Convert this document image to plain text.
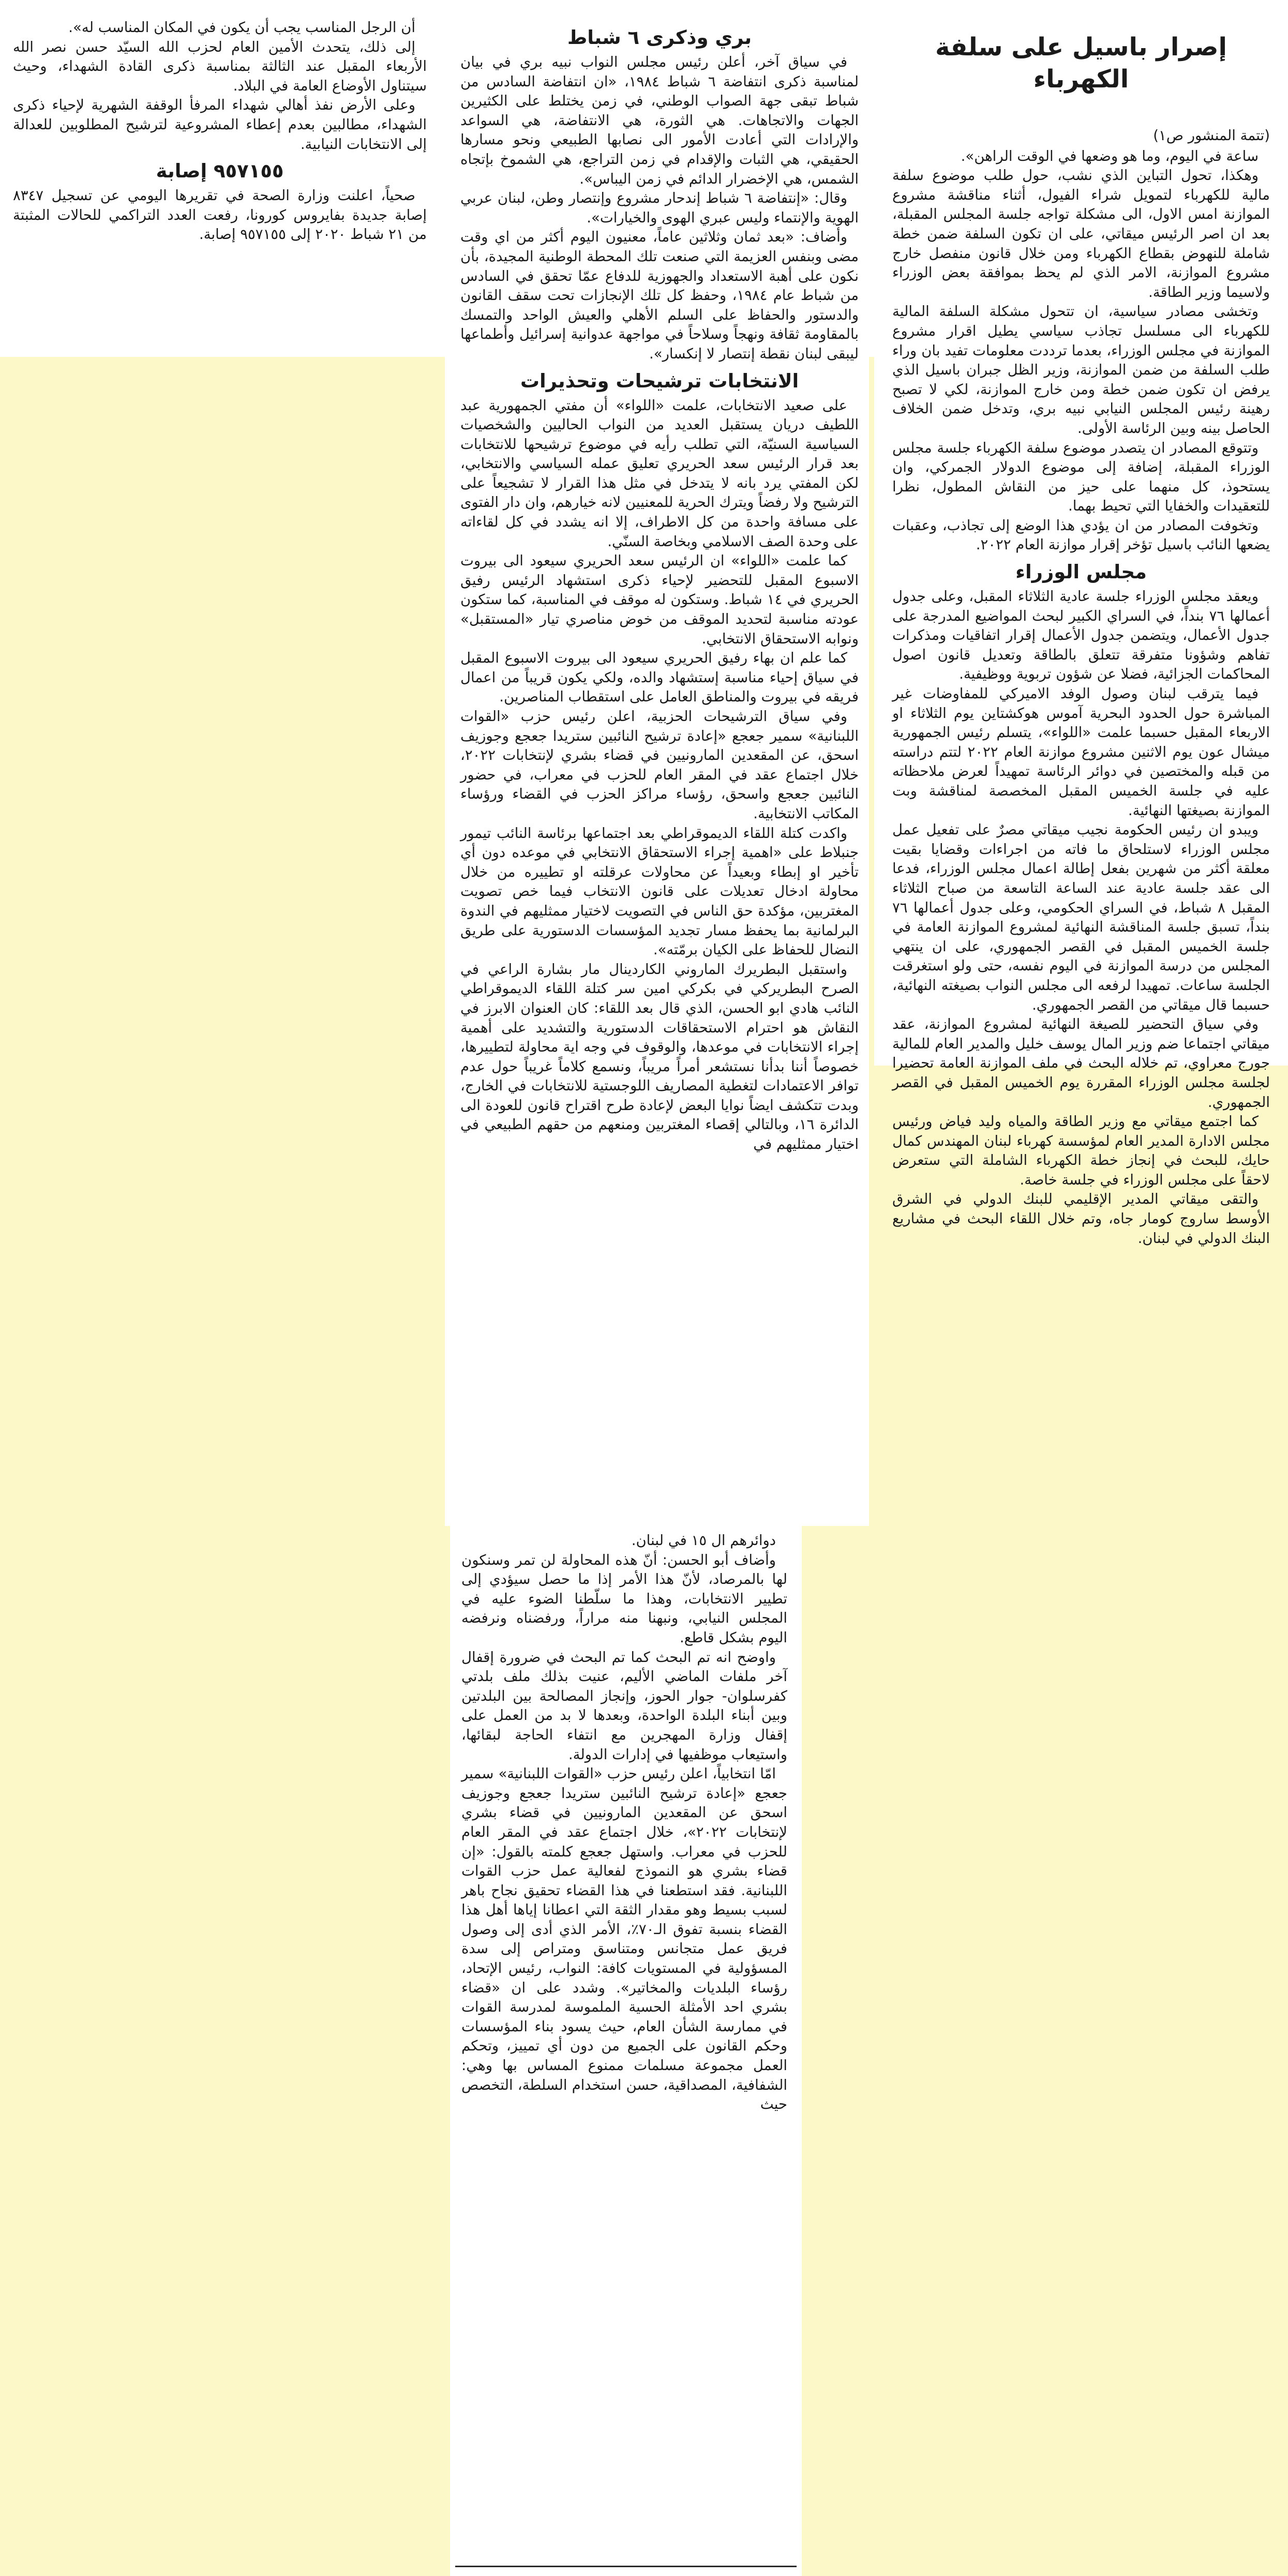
إصرار باسيل على سلفة الكهرباء

(تتمة المنشور ص١)

ساعة في اليوم، وما هو وضعها في الوقت الراهن».

وهكذا، تحول التباين الذي نشب، حول طلب موضوع سلفة مالية للكهرباء لتمويل شراء الفيول، أثناء مناقشة مشروع الموازنة امس الاول، الى مشكلة تواجه جلسة المجلس المقبلة، بعد ان اصر الرئيس ميقاتي، على ان تكون السلفة ضمن خطة شاملة للنهوض بقطاع الكهرباء ومن خلال قانون منفصل خارج مشروع الموازنة، الامر الذي لم يحظ بموافقة بعض الوزراء ولاسيما وزير الطاقة.

وتخشى مصادر سياسية، ان تتحول مشكلة السلفة المالية للكهرباء الى مسلسل تجاذب سياسي يطيل اقرار مشروع الموازنة في مجلس الوزراء، بعدما ترددت معلومات تفيد بان وراء طلب السلفة من ضمن الموازنة، وزير الظل جبران باسيل الذي يرفض ان تكون ضمن خطة ومن خارج الموازنة، لكي لا تصبح رهينة رئيس المجلس النيابي نبيه بري، وتدخل ضمن الخلاف الحاصل بينه وبين الرئاسة الأولى.

وتتوقع المصادر ان يتصدر موضوع سلفة الكهرباء جلسة مجلس الوزراء المقبلة، إضافة إلى موضوع الدولار الجمركي، وان يستحوذ، كل منهما على حيز من النقاش المطول، نظرا للتعقيدات والخفايا التي تحيط بهما.

وتخوفت المصادر من ان يؤدي هذا الوضع إلى تجاذب، وعقبات يضعها النائب باسيل تؤخر إقرار موازنة العام ٢٠٢٢.

مجلس الوزراء

ويعقد مجلس الوزراء جلسة عادية الثلاثاء المقبل، وعلى جدول أعمالها ٧٦ بنداً، في السراي الكبير لبحث المواضيع المدرجة على جدول الأعمال، ويتضمن جدول الأعمال إقرار اتفاقيات ومذكرات تفاهم وشؤونا متفرقة تتعلق بالطاقة وتعديل قانون اصول المحاكمات الجزائية، فضلا عن شؤون تربوية ووظيفية.

فيما يترقب لبنان وصول الوفد الاميركي للمفاوضات غير المباشرة حول الحدود البحرية آموس هوكشتاين يوم الثلاثاء او الاربعاء المقبل حسبما علمت «اللواء»، يتسلم رئيس الجمهورية ميشال عون يوم الاثنين مشروع موازنة العام ٢٠٢٢ لتتم دراسته من قبله والمختصين في دوائر الرئاسة تمهيداً لعرض ملاحظاته عليه في جلسة الخميس المقبل المخصصة لمناقشة وبت الموازنة بصيغتها النهائية.

ويبدو ان رئيس الحكومة نجيب ميقاتي مصرٌ على تفعيل عمل مجلس الوزراء لاستلحاق ما فاته من اجراءات وقضايا بقيت معلقة أكثر من شهرين بفعل إطالة اعمال مجلس الوزراء، فدعا الى عقد جلسة عادية عند الساعة التاسعة من صباح الثلاثاء المقبل ٨ شباط، في السراي الحكومي، وعلى جدول أعمالها ٧٦ بنداً، تسبق جلسة المناقشة النهائية لمشروع الموازنة العامة في جلسة الخميس المقبل في القصر الجمهوري، على ان ينتهي المجلس من درسة الموازنة في اليوم نفسه، حتى ولو استغرقت الجلسة ساعات. تمهيدا لرفعه الى مجلس النواب بصيغته النهائية، حسبما قال ميقاتي من القصر الجمهوري.

وفي سياق التحضير للصيغة النهائية لمشروع الموازنة، عقد ميقاتي اجتماعا ضم وزير المال يوسف خليل والمدير العام للمالية جورج معراوي، تم خلاله البحث في ملف الموازنة العامة تحضيرا لجلسة مجلس الوزراء المقررة يوم الخميس المقبل في القصر الجمهوري.

كما اجتمع ميقاتي مع وزير الطاقة والمياه وليد فياض ورئيس مجلس الادارة المدير العام لمؤسسة كهرباء لبنان المهندس كمال حايك، للبحث في إنجاز خطة الكهرباء الشاملة التي ستعرض لاحقاً على مجلس الوزراء في جلسة خاصة.

والتقى ميقاتي المدير الإقليمي للبنك الدولي في الشرق الأوسط ساروج كومار جاه، وتم خلال اللقاء البحث في مشاريع البنك الدولي في لبنان.

بري وذكرى ٦ شباط

في سياق آخر، أعلن رئيس مجلس النواب نبيه بري في بيان لمناسبة ذكرى انتفاضة ٦ شباط ١٩٨٤، «ان انتفاضة السادس من شباط تبقى جهة الصواب الوطني، في زمن يختلط على الكثيرين الجهات والاتجاهات. هي الثورة، هي الانتفاضة، هي السواعد والإرادات التي أعادت الأمور الى نصابها الطبيعي ونحو مسارها الحقيقي، هي الثبات والإقدام في زمن التراجع، هي الشموخ بإتجاه الشمس، هي الإخضرار الدائم في زمن اليباس».

وقال: «إنتفاضة ٦ شباط إندحار مشروع وإنتصار وطن، لبنان عربي الهوية والإنتماء وليس عبري الهوى والخيارات».

وأضاف: «بعد ثمان وثلاثين عاماً، معنيون اليوم أكثر من اي وقت مضى وبنفس العزيمة التي صنعت تلك المحطة الوطنية المجيدة، بأن نكون على أهبة الاستعداد والجهوزية للدفاع عمّا تحقق في السادس من شباط عام ١٩٨٤، وحفظ كل تلك الإنجازات تحت سقف القانون والدستور والحفاظ على السلم الأهلي والعيش الواحد والتمسك بالمقاومة ثقافة ونهجاً وسلاحاً في مواجهة عدوانية إسرائيل وأطماعها ليبقى لبنان نقطة إنتصار لا إنكسار».

الانتخابات ترشيحات وتحذيرات

على صعيد الانتخابات، علمت «اللواء» أن مفتي الجمهورية عبد اللطيف دريان يستقبل العديد من النواب الحاليين والشخصيات السياسية السنيّة، التي تطلب رأيه في موضوع ترشيحها للانتخابات بعد قرار الرئيس سعد الحريري تعليق عمله السياسي والانتخابي، لكن المفتي يرد بانه لا يتدخل في مثل هذا القرار لا تشجيعاً على الترشيح ولا رفضاً ويترك الحرية للمعنيين لانه خيارهم، وان دار الفتوى على مسافة واحدة من كل الاطراف، إلا انه يشدد في كل لقاءاته على وحدة الصف الاسلامي وبخاصة السنّي.

كما علمت «اللواء» ان الرئيس سعد الحريري سيعود الى بيروت الاسبوع المقبل للتحضير لإحياء ذكرى استشهاد الرئيس رفيق الحريري في ١٤ شباط. وستكون له موقف في المناسبة، كما ستكون عودته مناسبة لتحديد الموقف من خوض مناصري تيار «المستقبل» ونوابه الاستحقاق الانتخابي.

كما علم ان بهاء رفيق الحريري سيعود الى بيروت الاسبوع المقبل في سياق إحياء مناسبة إستشهاد والده، ولكي يكون قريباً من اعمال فريقه في بيروت والمناطق العامل على استقطاب المناصرين.

وفي سياق الترشيحات الحزبية، اعلن رئيس حزب «القوات اللبنانية» سمير جعجع «إعادة ترشيح النائبين ستريدا جعجع وجوزيف اسحق، عن المقعدين المارونيين في قضاء بشري لإنتخابات ٢٠٢٢، خلال اجتماع عقد في المقر العام للحزب في معراب، في حضور النائبين جعجع واسحق، رؤساء مراكز الحزب في القضاء ورؤساء المكاتب الانتخابية.

واكدت كتلة اللقاء الديموقراطي بعد اجتماعها برئاسة النائب تيمور جنبلاط على «اهمية إجراء الاستحقاق الانتخابي في موعده دون أي تأخير او إبطاء وبعيداً عن محاولات عرقلته او تطييره من خلال محاولة ادخال تعديلات على قانون الانتخاب فيما خص تصويت المغتربين، مؤكدة حق الناس في التصويت لاختيار ممثليهم في الندوة البرلمانية بما يحفظ مسار تجديد المؤسسات الدستورية على طريق النضال للحفاظ على الكيان برمّته».

واستقبل البطريرك الماروني الكاردينال مار بشارة الراعي في الصرح البطريركي في بكركي امين سر كتلة اللقاء الديموقراطي النائب هادي ابو الحسن، الذي قال بعد اللقاء: كان العنوان الابرز في النقاش هو احترام الاستحقاقات الدستورية والتشديد على أهمية إجراء الانتخابات في موعدها، والوقوف في وجه اية محاولة لتطييرها، خصوصاً أننا بدأنا نستشعر أمراً مريباً، ونسمع كلاماً غريباً حول عدم توافر الاعتمادات لتغطية المصاريف اللوجستية للانتخابات في الخارج، وبدت تتكشف ايضاً نوايا البعض لإعادة طرح اقتراح قانون للعودة الى الدائرة ١٦، وبالتالي إقصاء المغتربين ومنعهم من حقهم الطبيعي في اختيار ممثليهم في

أن الرجل المناسب يجب أن يكون في المكان المناسب له».

إلى ذلك، يتحدث الأمين العام لحزب الله السيّد حسن نصر الله الأربعاء المقبل عند الثالثة بمناسبة ذكرى القادة الشهداء، وحيث سيتناول الأوضاع العامة في البلاد.

وعلى الأرض نفذ أهالي شهداء المرفأ الوقفة الشهرية لإحياء ذكرى الشهداء، مطالبين بعدم إعطاء المشروعية لترشيح المطلوبين للعدالة إلى الانتخابات النيابية.

٩٥٧١٥٥ إصابة

صحياً، اعلنت وزارة الصحة في تقريرها اليومي عن تسجيل ٨٣٤٧ إصابة جديدة بفايروس كورونا، رفعت العدد التراكمي للحالات المثبتة من ٢١ شباط ٢٠٢٠ إلى ٩٥٧١٥٥ إصابة.

دوائرهم ال ١٥ في لبنان.

وأضاف أبو الحسن: أنّ هذه المحاولة لن تمر وسنكون لها بالمرصاد، لأنّ هذا الأمر إذا ما حصل سيؤدي إلى تطيير الانتخابات، وهذا ما سلّطنا الضوء عليه في المجلس النيابي، ونبهنا منه مراراً، ورفضناه ونرفضه اليوم بشكل قاطع.

واوضح انه تم البحث كما تم البحث في ضرورة إقفال آخر ملفات الماضي الأليم، عنيت بذلك ملف بلدتي كفرسلوان- جوار الحوز، وإنجاز المصالحة بين البلدتين وبين أبناء البلدة الواحدة، وبعدها لا بد من العمل على إقفال وزارة المهجرين مع انتفاء الحاجة لبقائها، واستيعاب موظفيها في إدارات الدولة.

امّا انتخابياً، اعلن رئيس حزب «القوات اللبنانية» سمير جعجع «إعادة ترشيح النائبين ستريدا جعجع وجوزيف اسحق عن المقعدين المارونيين في قضاء بشري لإنتخابات ٢٠٢٢»، خلال اجتماع عقد في المقر العام للحزب في معراب. واستهل جعجع كلمته بالقول: «إن قضاء بشري هو النموذج لفعالية عمل حزب القوات اللبنانية. فقد استطعنا في هذا القضاء تحقيق نجاح باهر لسبب بسيط وهو مقدار الثقة التي اعطانا إياها أهل هذا القضاء بنسبة تفوق الـ٧٠٪، الأمر الذي أدى إلى وصول فريق عمل متجانس ومتناسق ومتراص إلى سدة المسؤولية في المستويات كافة: النواب، رئيس الإتحاد، رؤساء البلديات والمخاتير». وشدد على ان «قضاء بشري احد الأمثلة الحسية الملموسة لمدرسة القوات في ممارسة الشأن العام، حيث يسود بناء المؤسسات وحكم القانون على الجميع من دون أي تمييز، وتحكم العمل مجموعة مسلمات ممنوع المساس بها وهي: الشفافية، المصداقية، حسن استخدام السلطة، التخصص حيث
